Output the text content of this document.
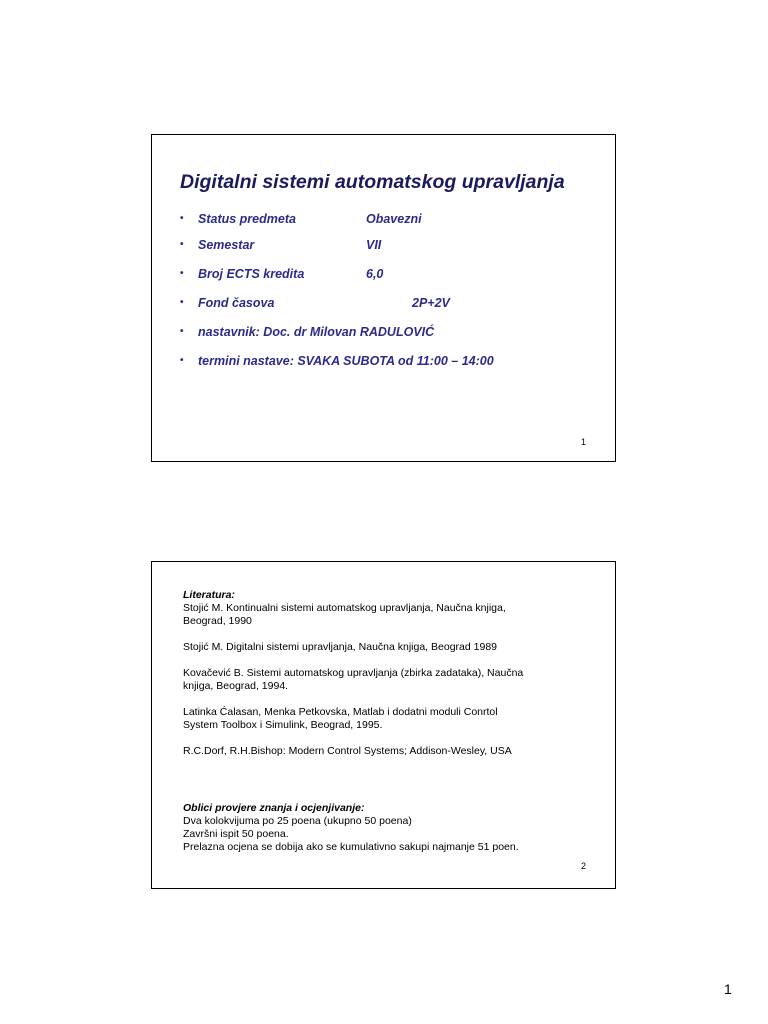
Digitalni sistemi automatskog upravljanja
• Status predmeta	Obavezni
• Semestar	VII
• Broj ECTS kredita	6,0
• Fond časova	2P+2V
• nastavnik: Doc. dr Milovan RADULOVIĆ
• termini nastave: SVAKA SUBOTA od 11:00 – 14:00
1
Literatura:
Stojić M. Kontinualni sistemi automatskog upravljanja, Naučna knjiga,
Beograd, 1990
Stojić M. Digitalni sistemi upravljanja, Naučna knjiga, Beograd 1989
Kovačević B. Sistemi automatskog upravljanja (zbirka zadataka), Naučna
knjiga, Beograd, 1994.
Latinka Ćalasan, Menka Petkovska, Matlab i dodatni moduli Conrtol
System Toolbox i Simulink, Beograd, 1995.
R.C.Dorf, R.H.Bishop: Modern Control Systems; Addison-Wesley, USA
Oblici provjere znanja i ocjenjivanje:
Dva kolokvijuma po 25 poena (ukupno 50 poena)
Završni ispit 50 poena.
Prelazna ocjena se dobija ako se kumulativno sakupi najmanje 51 poen.
2
1
